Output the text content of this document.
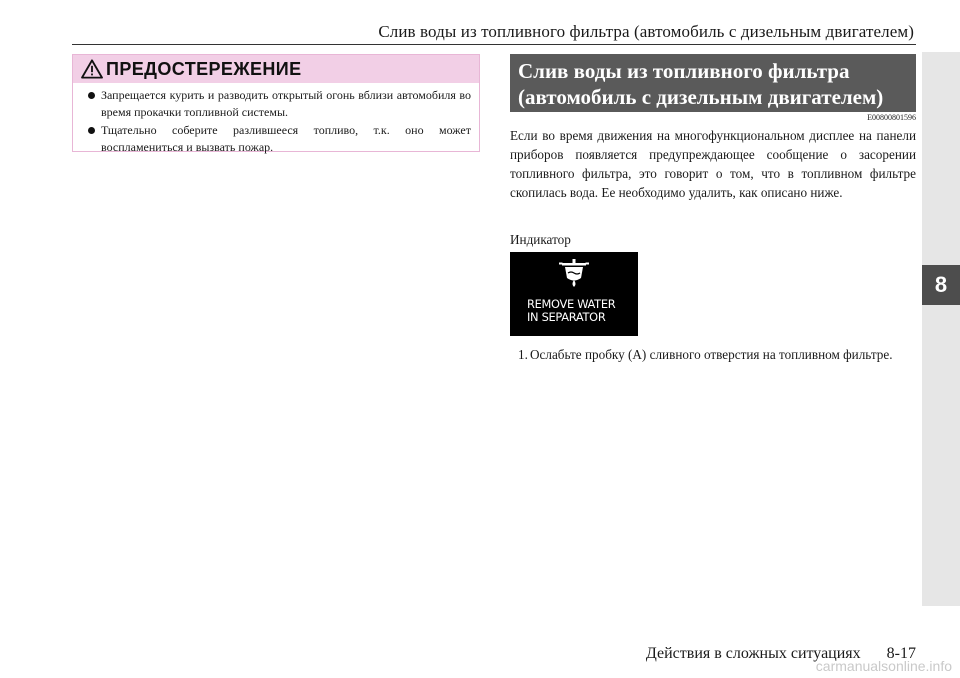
Слив воды из топливного фильтра (автомобиль с дизельным двигателем)
8
ПРЕДОСТЕРЕЖЕНИЕ
Запрещается курить и разводить открытый огонь вблизи автомобиля во время прокачки топливной системы.
Тщательно соберите разлившееся топливо, т.к. оно может воспламениться и вызвать пожар.
Слив воды из топливного фильтра
(автомобиль с дизельным двигателем)
E00800801596

Если во время движения на многофункциональном дисплее на панели приборов появляется предупреждающее сообщение о засорении топливного фильтра, это говорит о том, что в топливном фильтре скопилась вода. Ее необходимо удалить, как описано ниже.

Индикатор
REMOVE WATER
IN SEPARATOR
1. Ослабьте пробку (A) сливного отверстия на топливном фильтре.
Действия в сложных ситуациях 8-17
carmanualsonline.info
